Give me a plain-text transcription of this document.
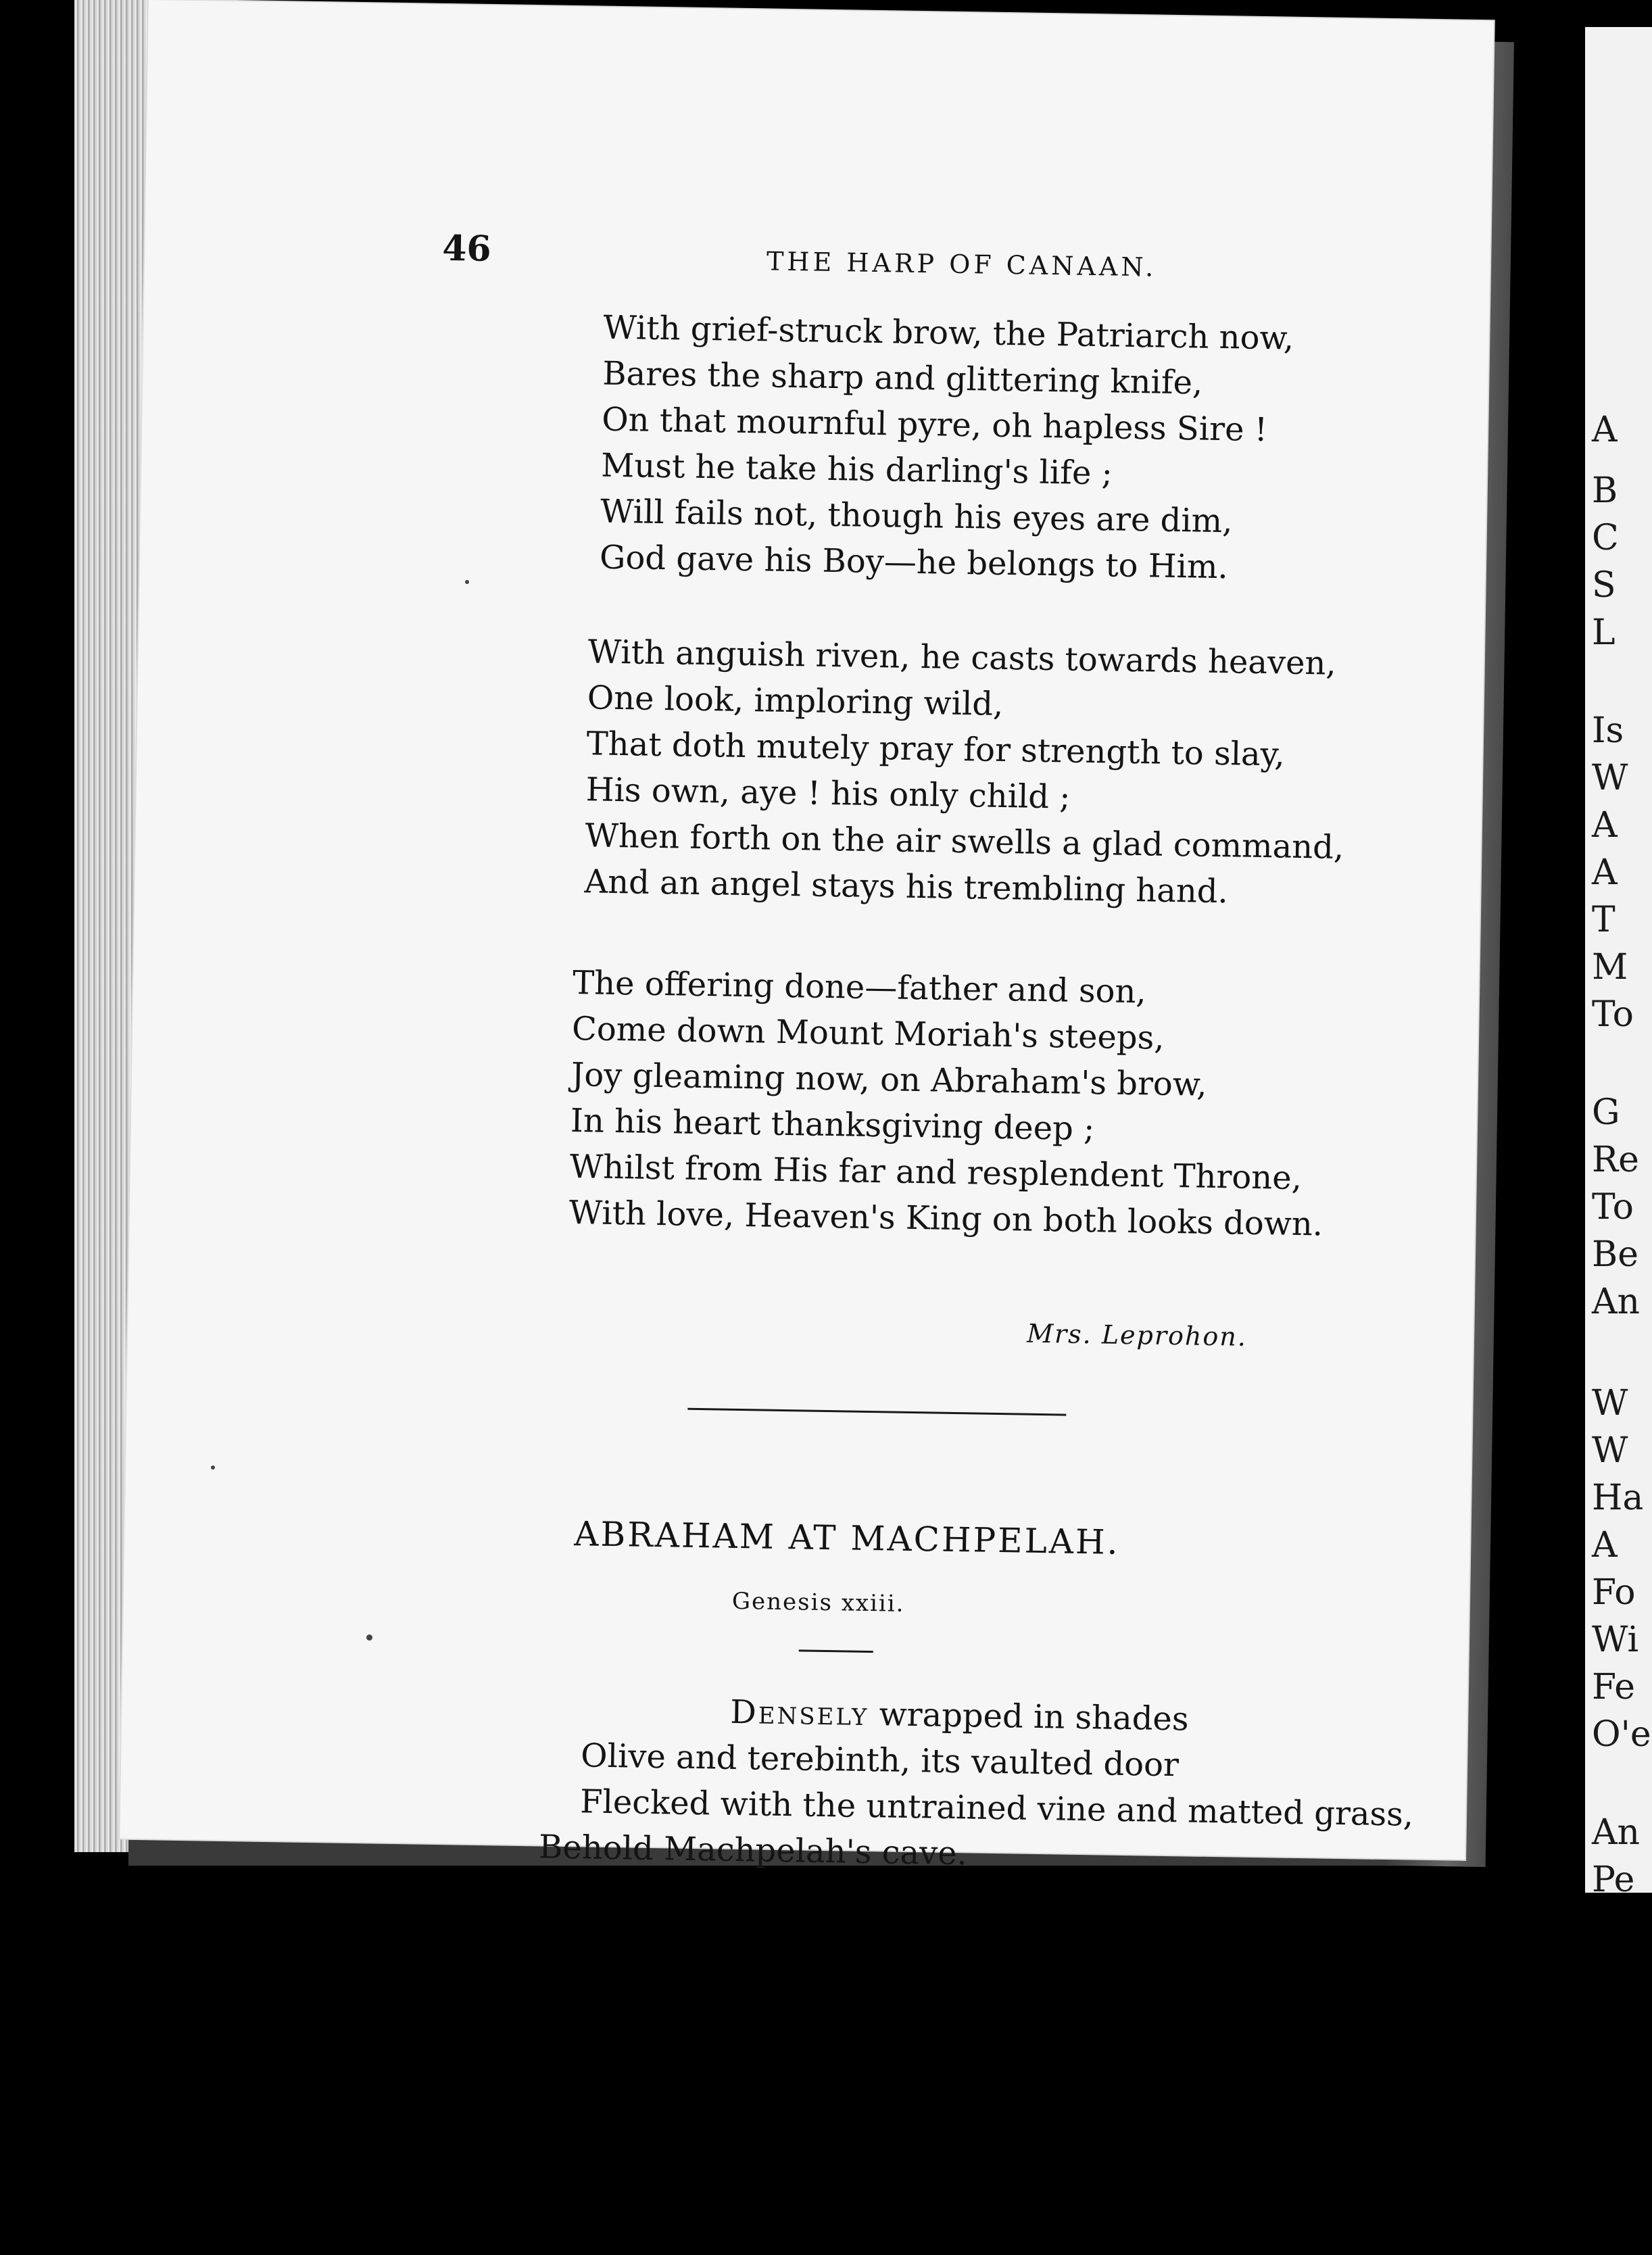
A
B
C
S
L
Is
W
A
A
T
M
To
G
Re
To
Be
An
W
W
Ha
A
Fo
Wi
Fe
O'e
An
Pe
46	THE HARP OF CANAAN.
With grief-struck brow, the Patriarch now,
Bares the sharp and glittering knife,
On that mournful pyre, oh hapless Sire !
Must he take his darling's life ;
Will fails not, though his eyes are dim,
God gave his Boy—he belongs to Him.
With anguish riven, he casts towards heaven,
One look, imploring wild,
That doth mutely pray for strength to slay,
His own, aye ! his only child ;
When forth on the air swells a glad command,
And an angel stays his trembling hand.
The offering done—father and son,
Come down Mount Moriah's steeps,
Joy gleaming now, on Abraham's brow,
In his heart thanksgiving deep ;
Whilst from His far and resplendent Throne,
With love, Heaven's King on both looks down.
Mrs. Leprohon.
ABRAHAM AT MACHPELAH.
Genesis xxiii.
Densely wrapped in shades
Olive and terebinth, its vaulted door
Flecked with the untrained vine and matted grass,
Behold Machpelah's cave.
